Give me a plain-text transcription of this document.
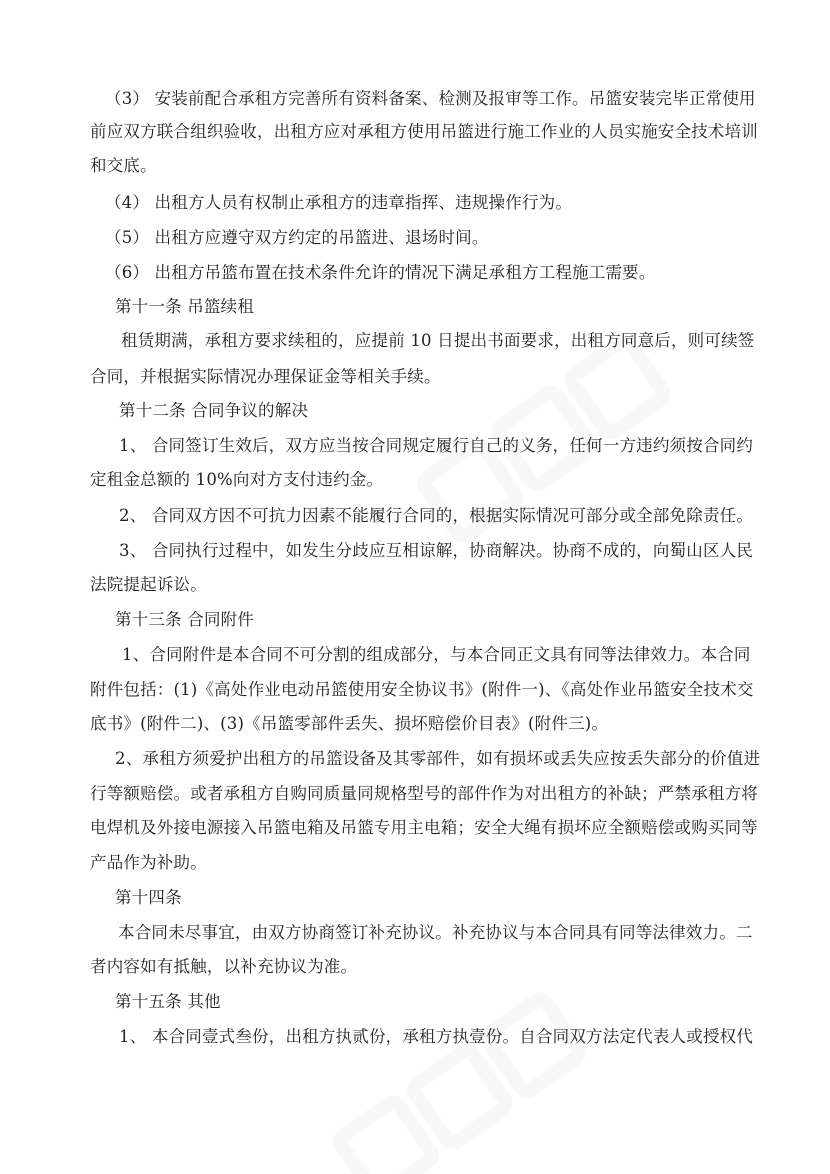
（3） 安装前配合承租方完善所有资料备案、检测及报审等工作。吊篮安装完毕正常使用
前应双方联合组织验收，出租方应对承租方使用吊篮进行施工作业的人员实施安全技术培训
和交底。
（4） 出租方人员有权制止承租方的违章指挥、违规操作行为。
（5） 出租方应遵守双方约定的吊篮进、退场时间。
（6） 出租方吊篮布置在技术条件允许的情况下满足承租方工程施工需要。
第十一条 吊篮续租
租赁期满，承租方要求续租的，应提前 10 日提出书面要求，出租方同意后，则可续签
合同，并根据实际情况办理保证金等相关手续。
第十二条 合同争议的解决
1、 合同签订生效后，双方应当按合同规定履行自己的义务，任何一方违约须按合同约
定租金总额的 10%向对方支付违约金。
2、 合同双方因不可抗力因素不能履行合同的，根据实际情况可部分或全部免除责任。
3、 合同执行过程中，如发生分歧应互相谅解，协商解决。协商不成的，向蜀山区人民
法院提起诉讼。
第十三条 合同附件
1、合同附件是本合同不可分割的组成部分，与本合同正文具有同等法律效力。本合同
附件包括：(1)《高处作业电动吊篮使用安全协议书》(附件一)、《高处作业吊篮安全技术交
底书》(附件二)、(3)《吊篮零部件丢失、损坏赔偿价目表》(附件三)。
2、承租方须爱护出租方的吊篮设备及其零部件，如有损坏或丢失应按丢失部分的价值进
行等额赔偿。或者承租方自购同质量同规格型号的部件作为对出租方的补缺；严禁承租方将
电焊机及外接电源接入吊篮电箱及吊篮专用主电箱；安全大绳有损坏应全额赔偿或购买同等
产品作为补助。
第十四条
本合同未尽事宜，由双方协商签订补充协议。补充协议与本合同具有同等法律效力。二
者内容如有抵触，以补充协议为准。
第十五条 其他
1、 本合同壹式叁份，出租方执贰份，承租方执壹份。自合同双方法定代表人或授权代
